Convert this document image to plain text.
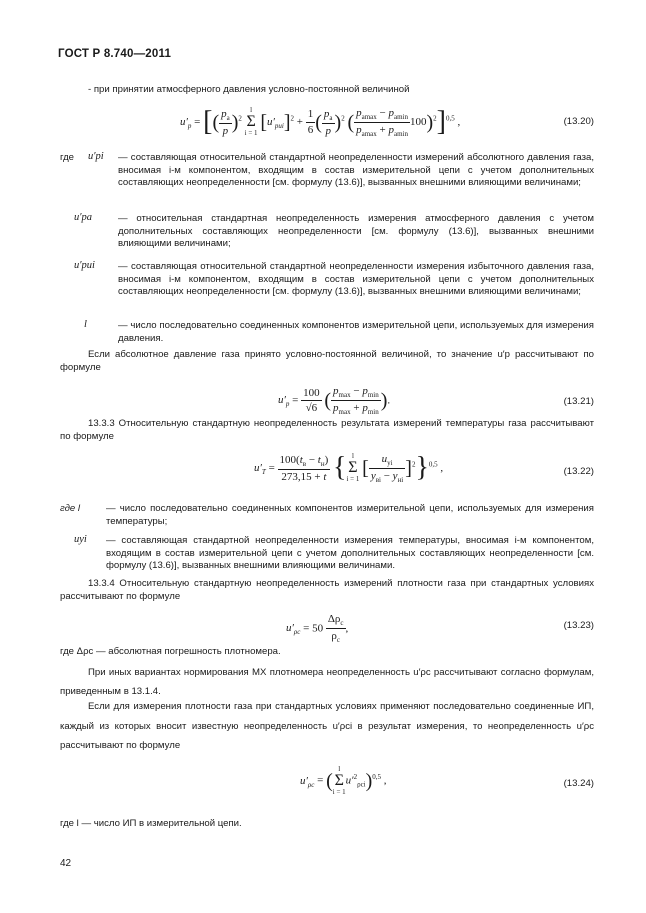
ГОСТ Р 8.740—2011
- при принятии атмосферного давления условно-постоянной величиной
$u'_p$ = [( $\frac{p_а}{p} )^2$ l
Σ
i = 1 $[u'_{pиi}]^2 + \frac{1}{6}$ ( $\frac{p_а}{p} )^2$ ( $\frac{p_{аmax} - p_{аmin}}{p_{аmax} + p_{аmin}} 100)^2]^{0,5}$ ,	(13.20)
где u′pi — составляющая относительной стандартной неопределенности измерений абсолютного давления газа, вносимая i-м компонентом, входящим в состав измерительной цепи с учетом дополнительных составляющих неопределенности [см. формулу (13.6)], вызванных внешними влияющими величинами;
u′pa	— относительная стандартная неопределенность измерения атмосферного давления с учетом дополнительных составляющих неопределенности [см. формулу (13.6)], вызванных внешними влияющими величинами;
u′pиi — составляющая относительной стандартной неопределенности измерения избыточного давления газа, вносимая i-м компонентом, входящим в состав измерительной цепи с учетом дополнительных составляющих неопределенности [см. формулу (13.6)], вызванных внешними влияющими величинами;
l	— число последовательно соединенных компонентов измерительной цепи, используемых для измерения давления.
Если абсолютное давление газа принято условно-постоянной величиной, то значение u′p рассчитывают по формуле
$u'_p = \frac{100}{√6}$ ( $\frac{p_{max} - p_{min}}{p_{max} + p_{min}}$ ).	(13.21)
13.3.3 Относительную стандартную неопределенность результата измерений температуры газа рассчитывают по формуле
$u'_T = \frac{100(t_в - t_н)}{273,15 + t}$ { l
Σ
i = 1 [ $\frac{u_{yi}}{y_{вi} - y_{нi}} ]^2\}^{0,5}$ ,	(13.22)
где l	— число последовательно соединенных компонентов измерительной цепи, используемых для измерения температуры;
uyi — составляющая стандартной неопределенности измерения температуры, вносимая i-м компонентом, входящим в состав измерительной цепи с учетом дополнительных составляющих неопределенности [см. формулу (13.6)], вызванных внешними влияющими величинами.
13.3.4 Относительную стандартную неопределенность измерений плотности газа при стандартных условиях рассчитывают по формуле
$u'_{\rho с} = 50 \frac{\Delta\rho_с}{\rho_с}$ ,	(13.23)
где Δρс — абсолютная погрешность плотномера.
При иных вариантах нормирования МХ плотномера неопределенность u′ρс рассчитывают согласно формулам, приведенным в 13.1.4.
Если для измерения плотности газа при стандартных условиях применяют последовательно соединенные ИП, каждый из которых вносит известную неопределенность u′ρсi в результат измерения, то неопределенность u′ρс рассчитывают по формуле
$u'_{\rho с} = (l$
Σ
$i = 1u'^2_{\rho сi})^{0,5}$ ,	(13.24)
где l — число ИП в измерительной цепи.
42
